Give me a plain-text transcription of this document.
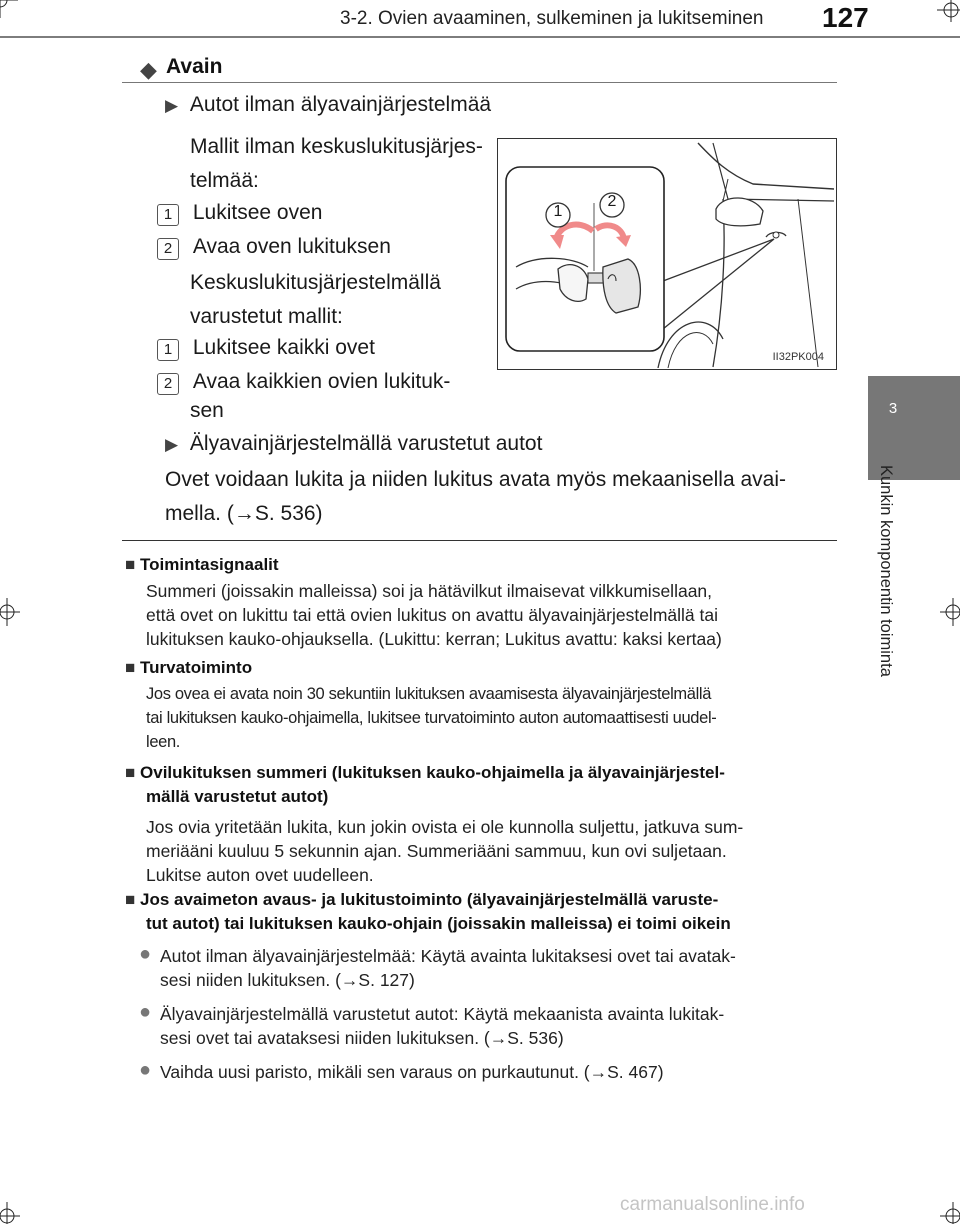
3-2. Ovien avaaminen, sulkeminen ja lukitseminen 127
3
Kunkin komponentin toiminta
◆ Avain
▶ Autot ilman älyavainjärjestelmää
Mallit ilman keskuslukitusjärjes-
telmää:
1 Lukitsee oven
2 Avaa oven lukituksen
Keskuslukitusjärjestelmällä
varustetut mallit:
1 Lukitsee kaikki ovet
2 Avaa kaikkien ovien lukituk-
sen
▶ Älyavainjärjestelmällä varustetut autot
Ovet voidaan lukita ja niiden lukitus avata myös mekaanisella avai-
mella. (→S. 536)
1
2
II32PK004
■ Toimintasignaalit
Summeri (joissakin malleissa) soi ja hätävilkut ilmaisevat vilkkumisellaan,
että ovet on lukittu tai että ovien lukitus on avattu älyavainjärjestelmällä tai
lukituksen kauko-ohjauksella. (Lukittu: kerran; Lukitus avattu: kaksi kertaa)
■ Turvatoiminto
Jos ovea ei avata noin 30 sekuntiin lukituksen avaamisesta älyavainjärjestelmällä
tai lukituksen kauko-ohjaimella, lukitsee turvatoiminto auton automaattisesti uudel-
leen.
■ Ovilukituksen summeri (lukituksen kauko-ohjaimella ja älyavainjärjestel-
mällä varustetut autot)
Jos ovia yritetään lukita, kun jokin ovista ei ole kunnolla suljettu, jatkuva sum-
meriääni kuuluu 5 sekunnin ajan. Summeriääni sammuu, kun ovi suljetaan.
Lukitse auton ovet uudelleen.
■ Jos avaimeton avaus- ja lukitustoiminto (älyavainjärjestelmällä varuste-
tut autot) tai lukituksen kauko-ohjain (joissakin malleissa) ei toimi oikein
● Autot ilman älyavainjärjestelmää: Käytä avainta lukitaksesi ovet tai avatak-
sesi niiden lukituksen. (→S. 127)
● Älyavainjärjestelmällä varustetut autot: Käytä mekaanista avainta lukitak-
sesi ovet tai avataksesi niiden lukituksen. (→S. 536)
● Vaihda uusi paristo, mikäli sen varaus on purkautunut. (→S. 467)
carmanualsonline.info
